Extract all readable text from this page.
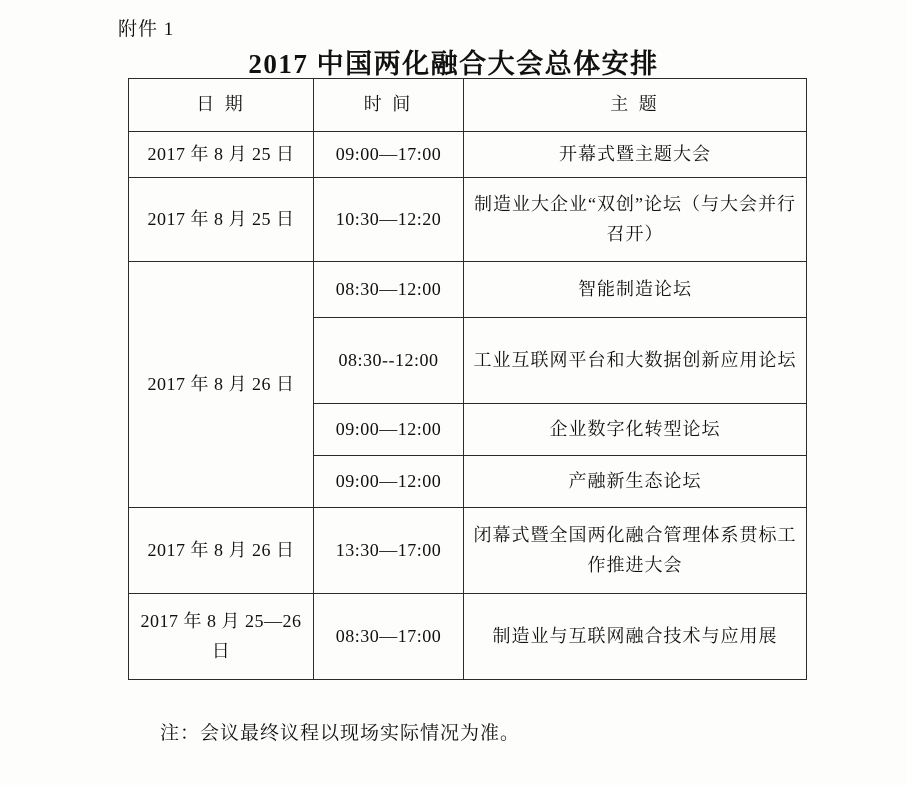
附件 1
2017 中国两化融合大会总体安排
日 期	时 间	主 题
2017 年 8 月 25 日	09:00—17:00	开幕式暨主题大会
2017 年 8 月 25 日	10:30—12:20	制造业大企业“双创”论坛（与大会并行召开）
2017 年 8 月 26 日	08:30—12:00	智能制造论坛
	08:30--12:00	工业互联网平台和大数据创新应用论坛
	09:00—12:00	企业数字化转型论坛
	09:00—12:00	产融新生态论坛
2017 年 8 月 26 日	13:30—17:00	闭幕式暨全国两化融合管理体系贯标工作推进大会
2017 年 8 月 25—26 日	08:30—17:00	制造业与互联网融合技术与应用展
注：会议最终议程以现场实际情况为准。
